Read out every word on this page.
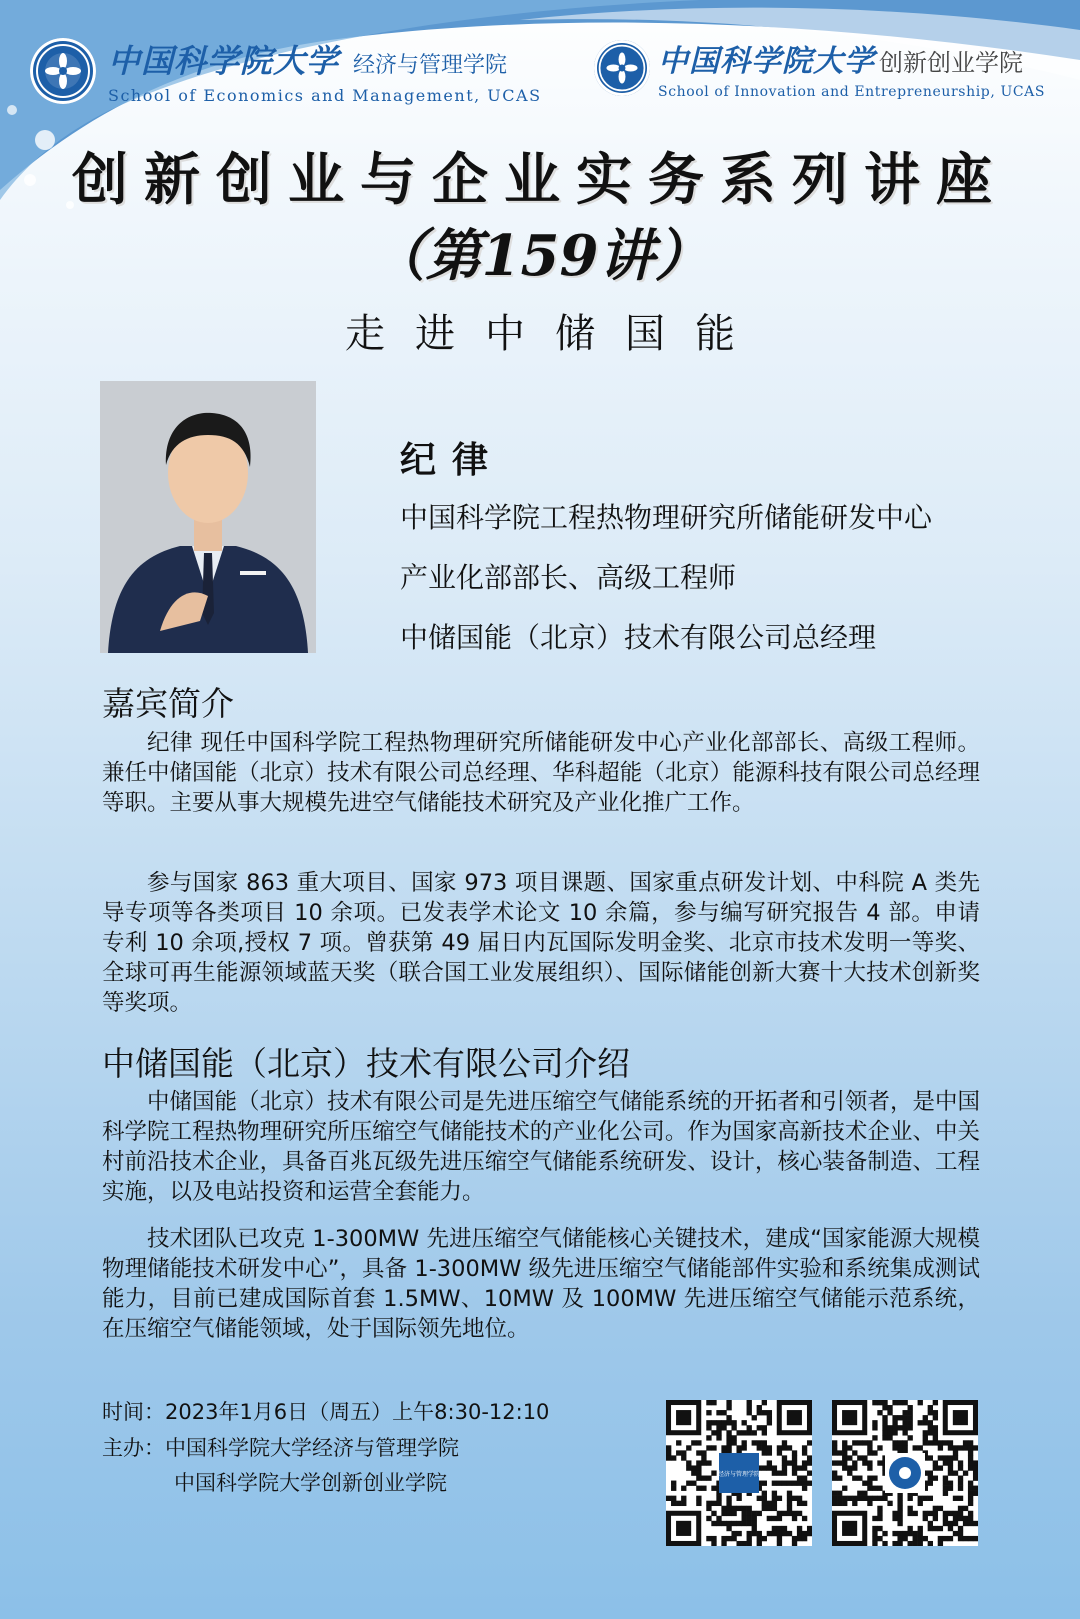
中国科学院大学 经济与管理学院
School of Economics and Management, UCAS
中国科学院大学 创新创业学院
School of Innovation and Entrepreneurship, UCAS
创新创业与企业实务系列讲座
（第159讲）
走进中储国能
纪律
中国科学院工程热物理研究所储能研发中心
产业化部部长、高级工程师
中储国能（北京）技术有限公司总经理
嘉宾简介
纪律 现任中国科学院工程热物理研究所储能研发中心产业化部部长、高级工程师。兼任中储国能（北京）技术有限公司总经理、华科超能（北京）能源科技有限公司总经理等职。主要从事大规模先进空气储能技术研究及产业化推广工作。
参与国家 863 重大项目、国家 973 项目课题、国家重点研发计划、中科院 A 类先导专项等各类项目 10 余项。已发表学术论文 10 余篇，参与编写研究报告 4 部。申请专利 10 余项,授权 7 项。曾获第 49 届日内瓦国际发明金奖、北京市技术发明一等奖、全球可再生能源领域蓝天奖（联合国工业发展组织）、国际储能创新大赛十大技术创新奖等奖项。
中储国能（北京）技术有限公司介绍
中储国能（北京）技术有限公司是先进压缩空气储能系统的开拓者和引领者，是中国科学院工程热物理研究所压缩空气储能技术的产业化公司。作为国家高新技术企业、中关村前沿技术企业，具备百兆瓦级先进压缩空气储能系统研发、设计，核心装备制造、工程实施，以及电站投资和运营全套能力。
技术团队已攻克 1-300MW 先进压缩空气储能核心关键技术，建成“国家能源大规模物理储能技术研发中心”，具备 1-300MW 级先进压缩空气储能部件实验和系统集成测试能力，目前已建成国际首套 1.5MW、10MW 及 100MW 先进压缩空气储能示范系统，在压缩空气储能领域，处于国际领先地位。
时间：2023年1月6日（周五）上午8:30-12:10
主办：中国科学院大学经济与管理学院
中国科学院大学创新创业学院	经济与管理学院
